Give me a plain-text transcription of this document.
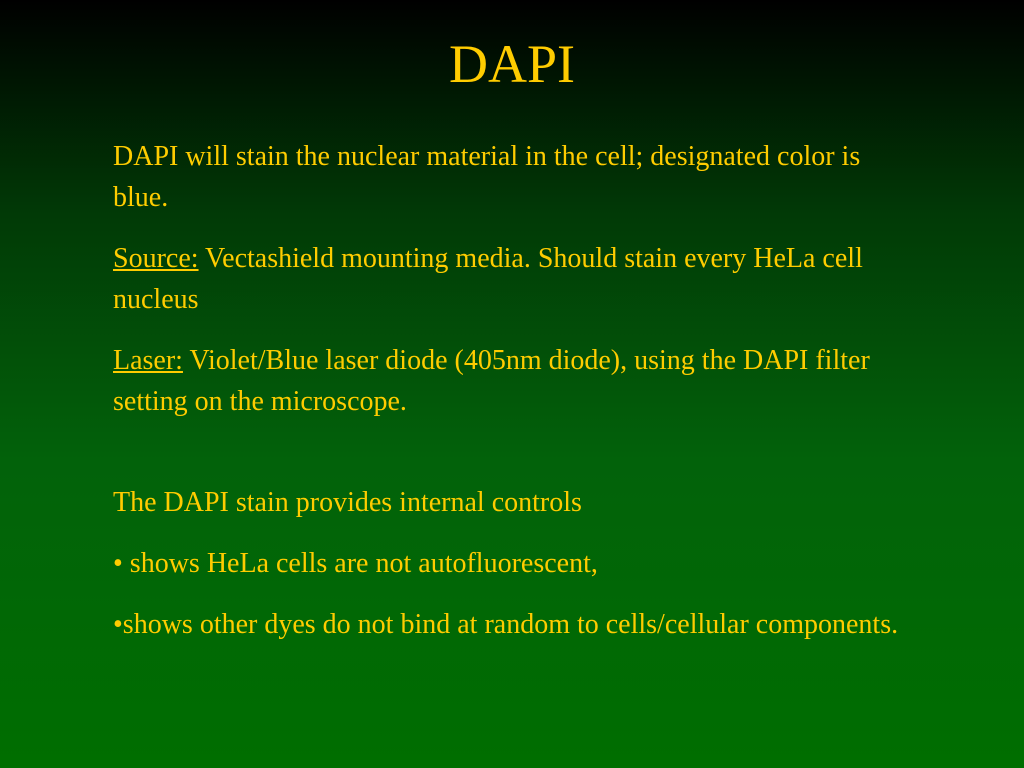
DAPI

DAPI will stain the nuclear material in the cell; designated color is blue.

Source: Vectashield mounting media. Should stain every HeLa cell nucleus

Laser: Violet/Blue laser diode (405nm diode), using the DAPI filter setting on the microscope.

The DAPI stain provides internal controls

• shows HeLa cells are not autofluorescent,

•shows other dyes do not bind at random to cells/cellular components.
